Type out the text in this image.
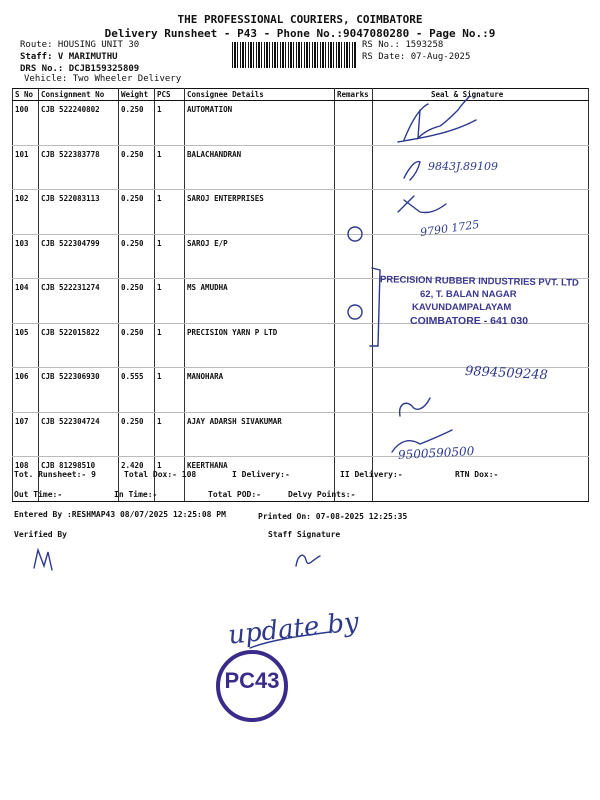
THE PROFESSIONAL COURIERS, COIMBATORE
Delivery Runsheet - P43 - Phone No.:9047080280 - Page No.:9
Route: HOUSING UNIT 30
Staff: V MARIMUTHU
DRS No.: DCJB159325809
Vehicle: Two Wheeler Delivery
RS No.: 1593258
RS Date: 07-Aug-2025
S No	Consignment No	Weight	PCS	Consignee Details	Remarks	Seal & Signature
100	CJB 522240802	0.250	1	AUTOMATION		
101	CJB 522383778	0.250	1	BALACHANDRAN		
102	CJB 522083113	0.250	1	SAROJ ENTERPRISES		
103	CJB 522304799	0.250	1	SAROJ E/P		
104	CJB 522231274	0.250	1	MS AMUDHA		
105	CJB 522015822	0.250	1	PRECISION YARN P LTD		
106	CJB 522306930	0.555	1	MANOHARA		
107	CJB 522304724	0.250	1	AJAY ADARSH SIVAKUMAR		
108	CJB 81298510	2.420	1	KEERTHANA		
9843J.89109
9790 1725
9894509248
9500590500
PRECISION RUBBER INDUSTRIES PVT. LTD
62, T. BALAN NAGAR
KAVUNDAMPALAYAM
COIMBATORE - 641 030
Tot. Runsheet:- 9	Total Dox:- 108	I Delivery:-	II Delivery:-	RTN Dox:-
Out Time:-	In Time:-	Total POD:-	Delvy Points:-
Entered By :RESHMAP43 08/07/2025 12:25:08 PM	Printed On: 07-08-2025 12:25:35
Verified By	Staff Signature
update by
PC43
